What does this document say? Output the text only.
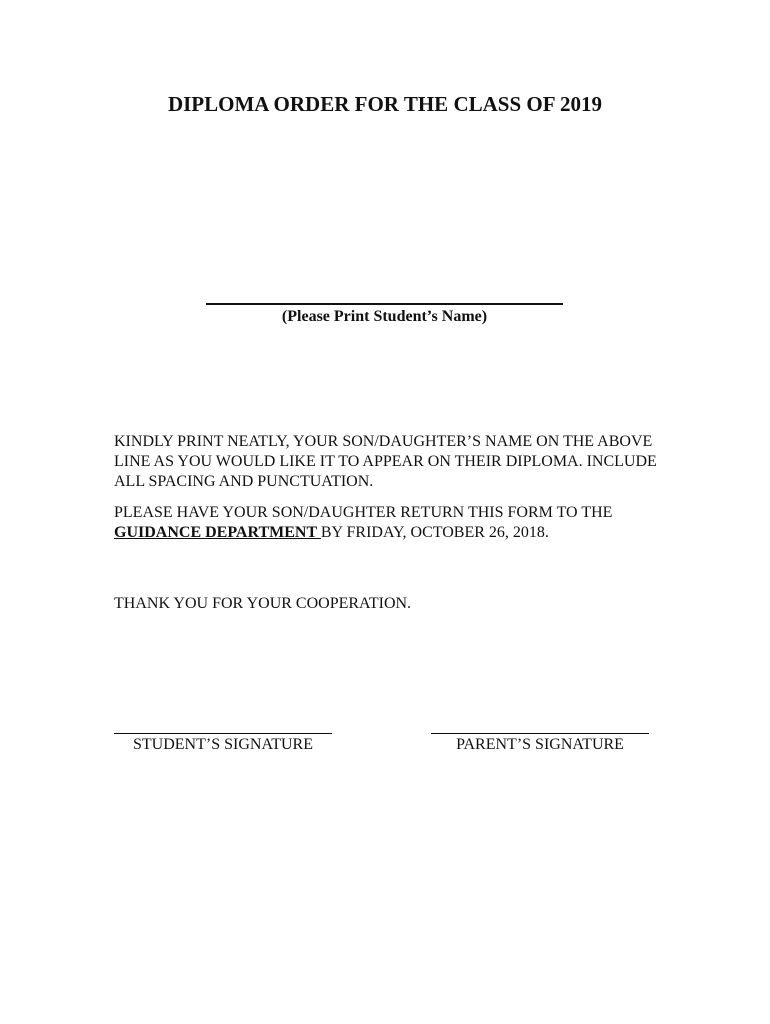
DIPLOMA ORDER FOR THE CLASS OF 2019
(Please Print Student’s Name)

KINDLY PRINT NEATLY, YOUR SON/DAUGHTER’S NAME ON THE ABOVE
LINE AS YOU WOULD LIKE IT TO APPEAR ON THEIR DIPLOMA. INCLUDE
ALL SPACING AND PUNCTUATION.

PLEASE HAVE YOUR SON/DAUGHTER RETURN THIS FORM TO THE
GUIDANCE DEPARTMENT BY FRIDAY, OCTOBER 26, 2018.

THANK YOU FOR YOUR COOPERATION.

STUDENT’S SIGNATURE	PARENT’S SIGNATURE
